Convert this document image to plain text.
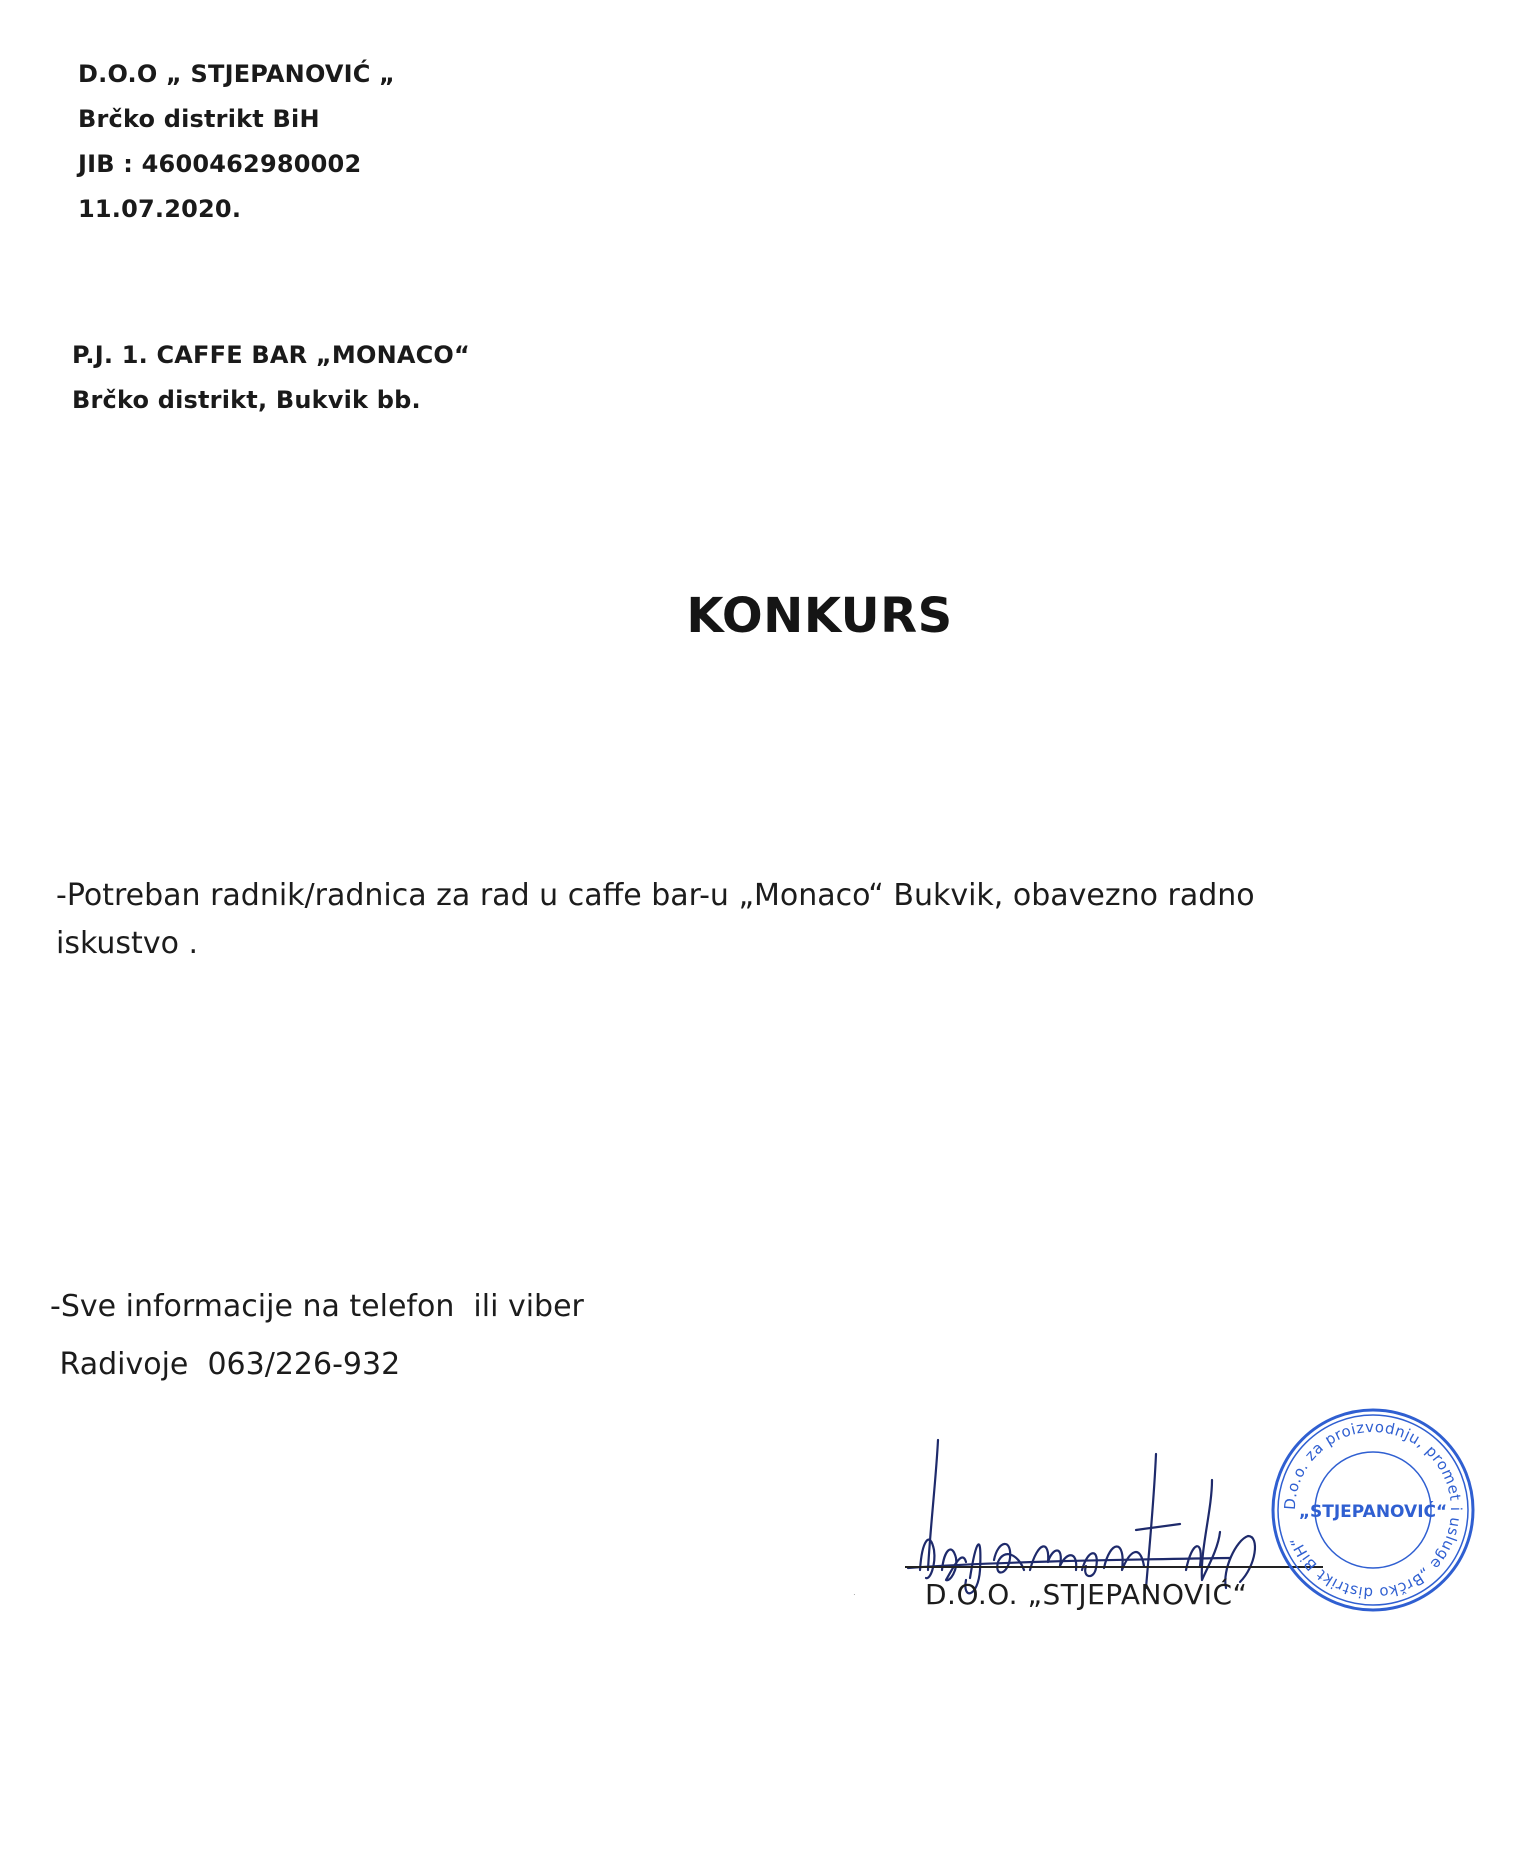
D.O.O „ STJEPANOVIĆ „
Brčko distrikt BiH
JIB : 4600462980002
11.07.2020.
P.J. 1. CAFFE BAR „MONACO“
Brčko distrikt, Bukvik bb.
KONKURS
-Potreban radnik/radnica za rad u caffe bar-u „Monaco“ Bukvik, obavezno radno iskustvo .
-Sve informacije na telefon  ili viber
Radivoje  063/226-932
D.O.O. „STJEPANOVIĆ“
D.o.o. za proizvodnju, promet i usluge „Brčko distrikt BiH“
„STJEPANOVIĆ“
·
